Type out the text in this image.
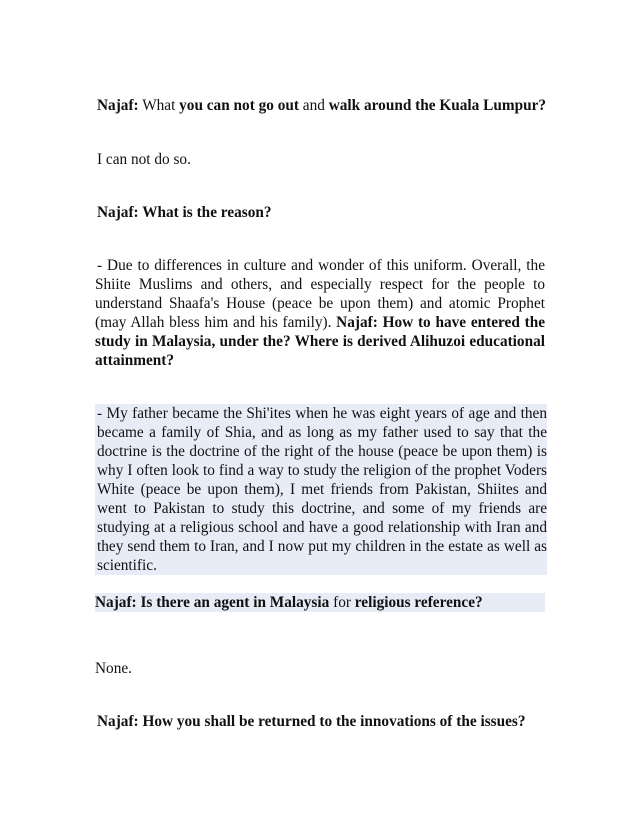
Najaf: What you can not go out and walk around the Kuala Lumpur?
I can not do so.
Najaf: What is the reason?
- Due to differences in culture and wonder of this uniform. Overall, the Shiite Muslims and others, and especially respect for the people to understand Shaafa's House (peace be upon them) and atomic Prophet (may Allah bless him and his family). Najaf: How to have entered the study in Malaysia, under the? Where is derived Alihuzoi educational attainment?
- My father became the Shi'ites when he was eight years of age and then became a family of Shia, and as long as my father used to say that the doctrine is the doctrine of the right of the house (peace be upon them) is why I often look to find a way to study the religion of the prophet Voders White (peace be upon them), I met friends from Pakistan, Shiites and went to Pakistan to study this doctrine, and some of my friends are studying at a religious school and have a good relationship with Iran and they send them to Iran, and I now put my children in the estate as well as scientific.
Najaf: Is there an agent in Malaysia for religious reference?
None.
Najaf: How you shall be returned to the innovations of the issues?
